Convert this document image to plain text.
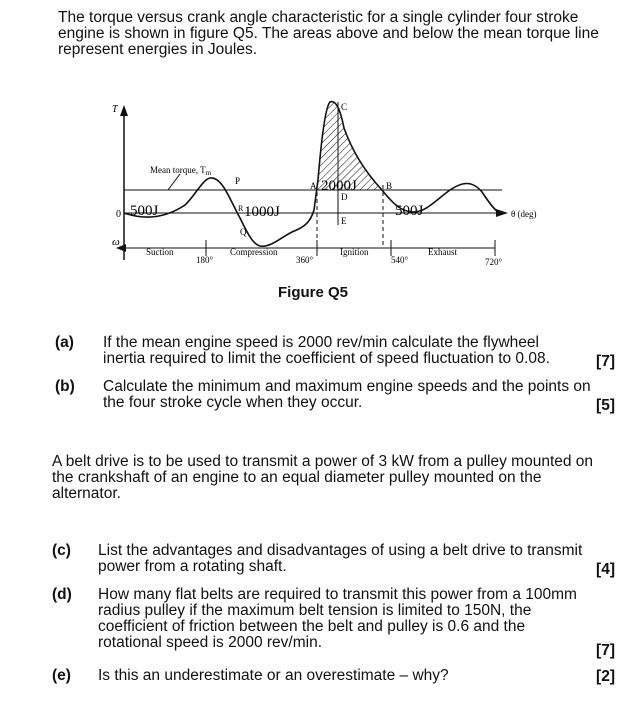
The torque versus crank angle characteristic for a single cylinder four stroke engine is shown in figure Q5. The areas above and below the mean torque line represent energies in Joules.

T
ω
0	θ (deg)
Mean torque, $T_m$
A	B
C
D
E
P
Q
R
500J	1000J
2000J
500J
Suction	Compression	Ignition	Exhaust
180°	360°	540°	720°
Figure Q5
(a) If the mean engine speed is 2000 rev/min calculate the flywheel inertia required to limit the coefficient of speed fluctuation to 0.08.	[7]
(b) Calculate the minimum and maximum engine speeds and the points on the four stroke cycle when they occur.	[5]

A belt drive is to be used to transmit a power of 3 kW from a pulley mounted on the crankshaft of an engine to an equal diameter pulley mounted on the alternator.

(c) List the advantages and disadvantages of using a belt drive to transmit power from a rotating shaft.	[4]
(d) How many flat belts are required to transmit this power from a 100mm radius pulley if the maximum belt tension is limited to 150N, the coefficient of friction between the belt and pulley is 0.6 and the rotational speed is 2000 rev/min.	[7]
(e) Is this an underestimate or an overestimate – why?	[2]
